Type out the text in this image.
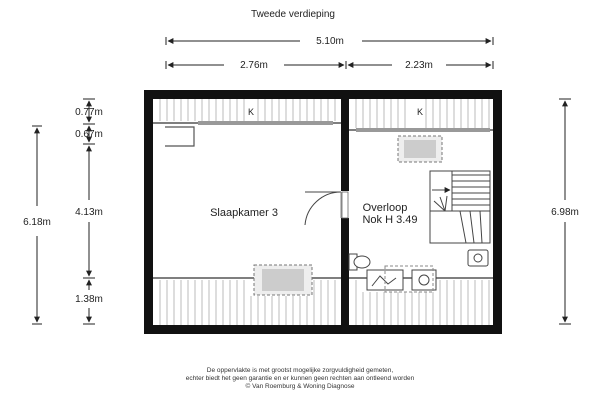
Tweede verdieping
5.10m
2.76m	2.23m
6.18m
0.77m
0.67m
4.13m
1.38m
6.98m
K	K
Slaapkamer 3	Overloop
Nok H 3.49
De oppervlakte is met grootst mogelijke zorgvuldigheid gemeten,
echter biedt het geen garantie en er kunnen geen rechten aan ontleend worden
© Van Roemburg & Woning Diagnose
